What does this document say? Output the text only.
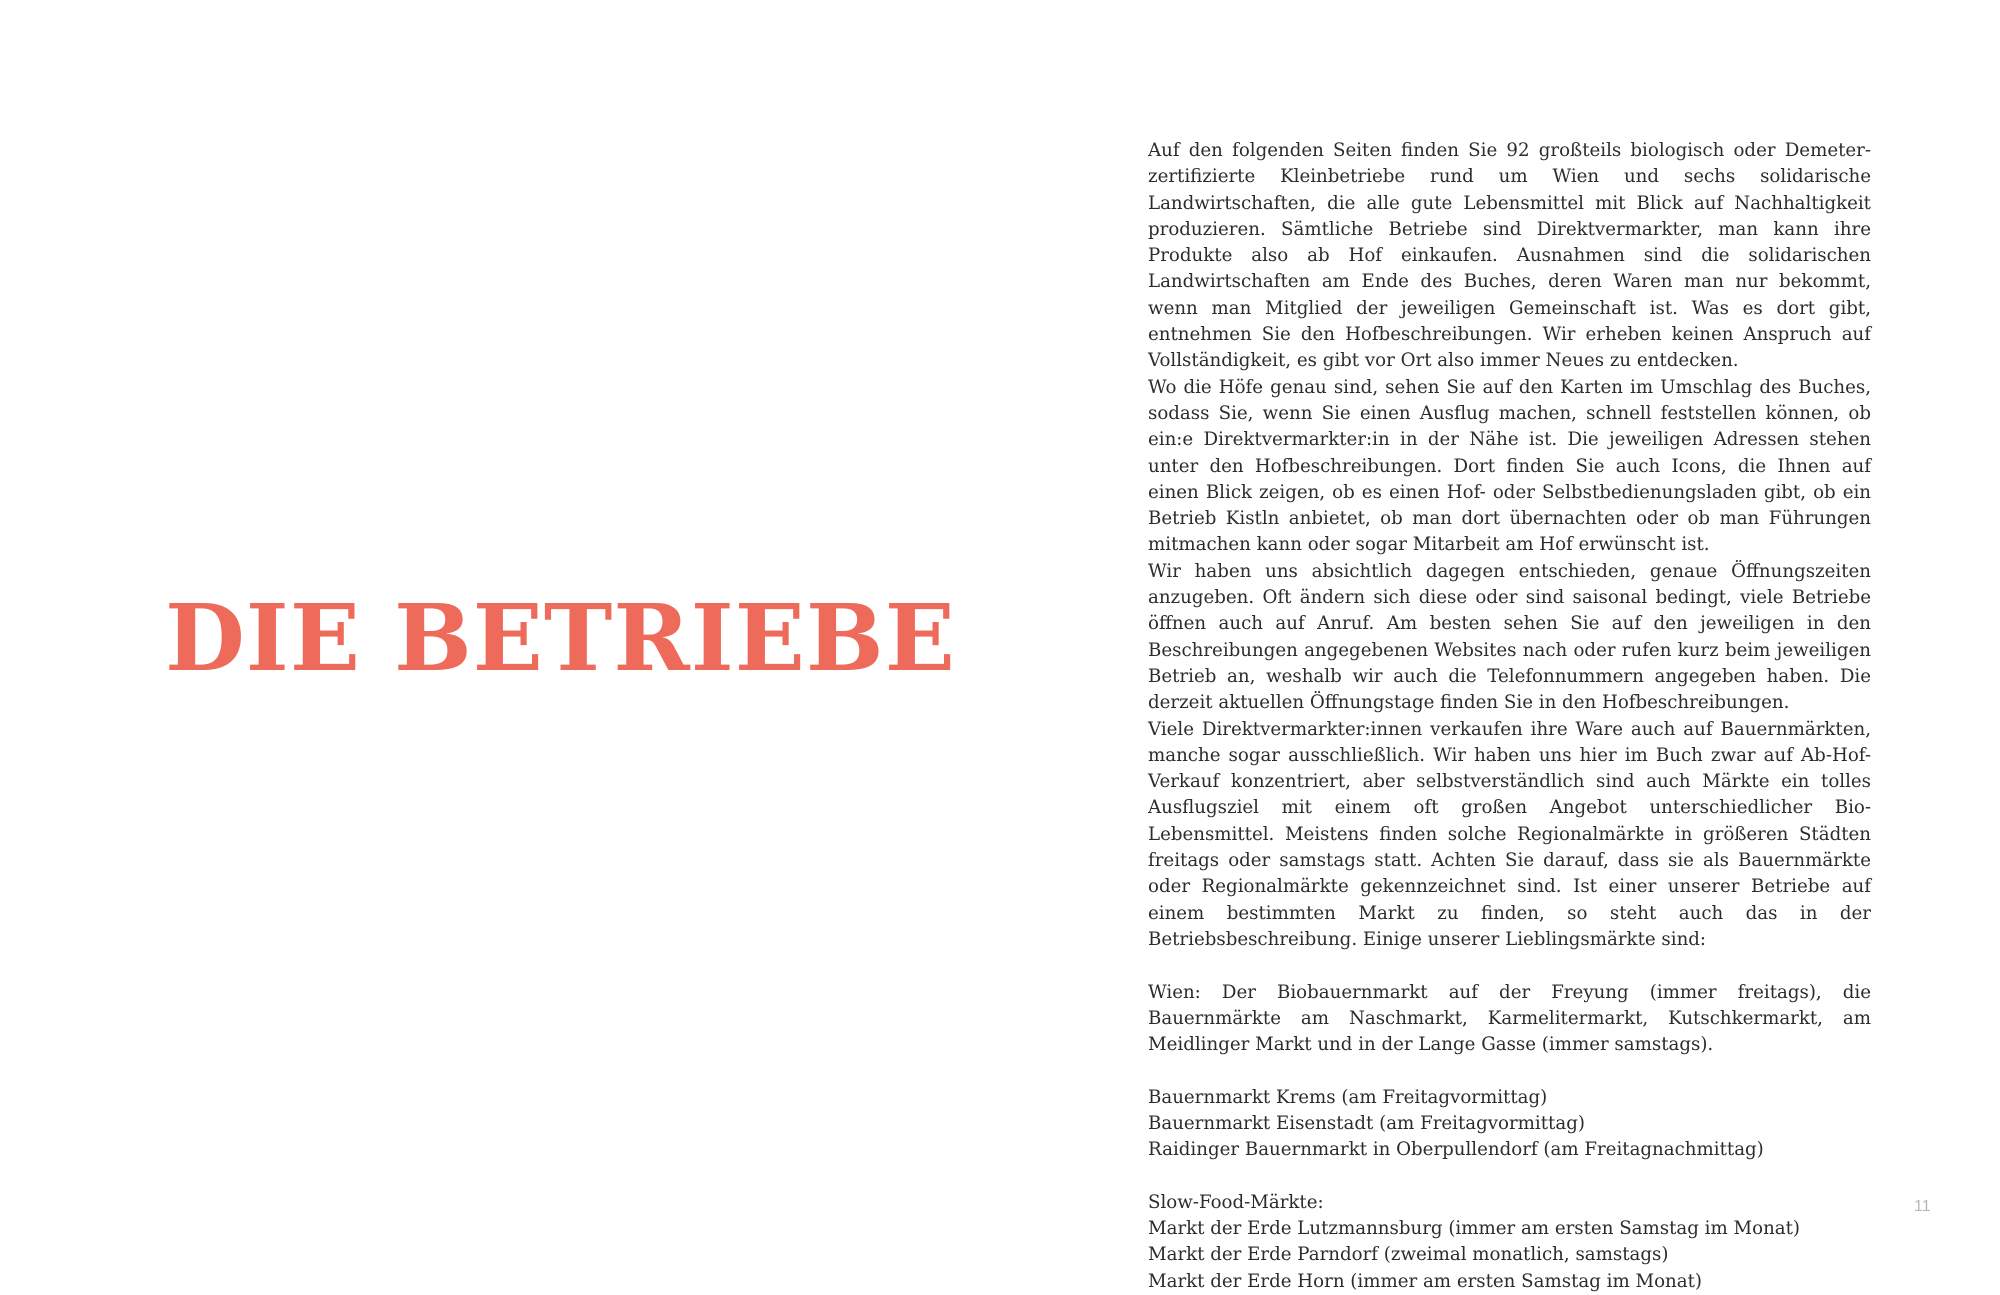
DIE BETRIEBE

Auf den folgenden Seiten finden Sie 92 großteils biologisch oder Demeter-zertifizierte Kleinbetriebe rund um Wien und sechs solidarische Landwirtschaften, die alle gute Lebensmittel mit Blick auf Nachhaltigkeit produzieren. Sämtliche Betriebe sind Direktvermarkter, man kann ihre Produkte also ab Hof einkaufen. Ausnahmen sind die solidarischen Landwirtschaften am Ende des Buches, deren Waren man nur bekommt, wenn man Mitglied der jeweiligen Gemeinschaft ist. Was es dort gibt, entnehmen Sie den Hofbeschreibungen. Wir erheben keinen Anspruch auf Vollständigkeit, es gibt vor Ort also immer Neues zu entdecken.

Wo die Höfe genau sind, sehen Sie auf den Karten im Umschlag des Buches, sodass Sie, wenn Sie einen Ausflug machen, schnell feststellen können, ob ein:e Direktvermarkter:in in der Nähe ist. Die jeweiligen Adressen stehen unter den Hofbeschreibungen. Dort finden Sie auch Icons, die Ihnen auf einen Blick zeigen, ob es einen Hof- oder Selbstbedienungsladen gibt, ob ein Betrieb Kistln anbietet, ob man dort übernachten oder ob man Führungen mitmachen kann oder sogar Mitarbeit am Hof erwünscht ist.

Wir haben uns absichtlich dagegen entschieden, genaue Öffnungszeiten anzugeben. Oft ändern sich diese oder sind saisonal bedingt, viele Betriebe öffnen auch auf Anruf. Am besten sehen Sie auf den jeweiligen in den Beschreibungen angegebenen Websites nach oder rufen kurz beim jeweiligen Betrieb an, weshalb wir auch die Telefonnummern angegeben haben. Die derzeit aktuellen Öffnungstage finden Sie in den Hofbeschreibungen.

Viele Direktvermarkter:innen verkaufen ihre Ware auch auf Bauernmärkten, manche sogar ausschließlich. Wir haben uns hier im Buch zwar auf Ab-Hof-Verkauf konzentriert, aber selbstverständlich sind auch Märkte ein tolles Ausflugsziel mit einem oft großen Angebot unterschiedlicher Bio-Lebensmittel. Meistens finden solche Regionalmärkte in größeren Städten freitags oder samstags statt. Achten Sie darauf, dass sie als Bauernmärkte oder Regionalmärkte gekennzeichnet sind. Ist einer unserer Betriebe auf einem bestimmten Markt zu finden, so steht auch das in der Betriebsbeschreibung. Einige unserer Lieblingsmärkte sind:

Wien: Der Biobauernmarkt auf der Freyung (immer freitags), die Bauernmärkte am Naschmarkt, Karmelitermarkt, Kutschkermarkt, am Meidlinger Markt und in der Lange Gasse (immer samstags).

Bauernmarkt Krems (am Freitagvormittag)

Bauernmarkt Eisenstadt (am Freitagvormittag)

Raidinger Bauernmarkt in Oberpullendorf (am Freitagnachmittag)

Slow-Food-Märkte:

Markt der Erde Lutzmannsburg (immer am ersten Samstag im Monat)

Markt der Erde Parndorf (zweimal monatlich, samstags)

Markt der Erde Horn (immer am ersten Samstag im Monat)

11
